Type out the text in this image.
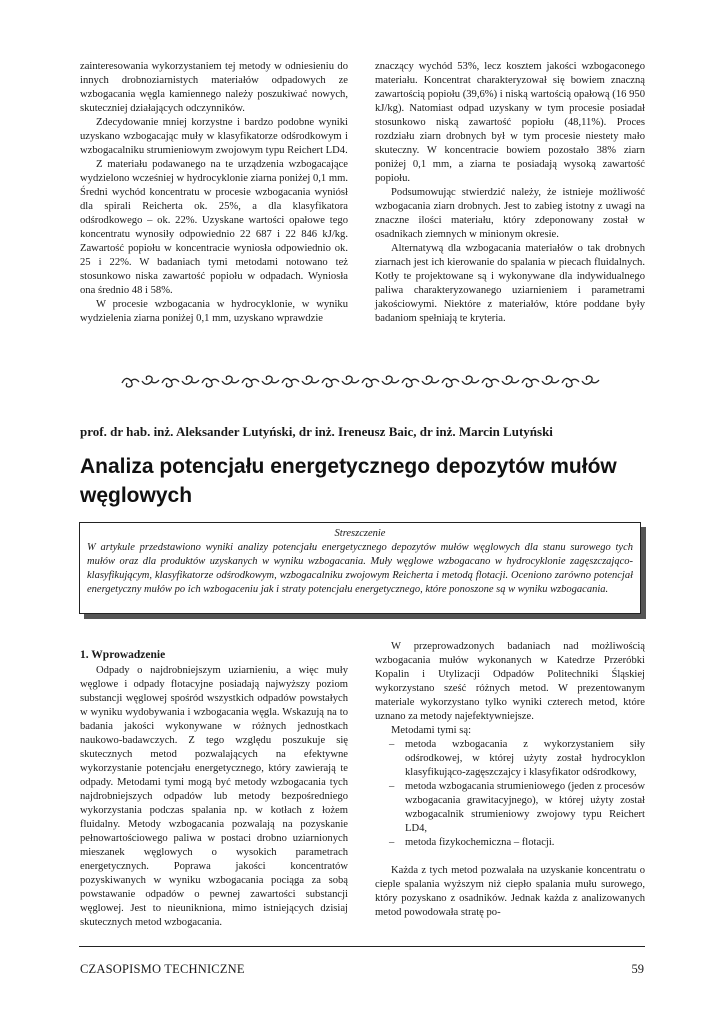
zainteresowania wykorzystaniem tej metody w odniesieniu do innych drobnoziarnistych materiałów odpadowych ze wzbogacania węgla kamiennego należy poszukiwać nowych, skuteczniej działających odczynników.

Zdecydowanie mniej korzystne i bardzo podobne wyniki uzyskano wzbogacając muły w klasyfikatorze odśrodkowym i wzbogacalniku strumieniowym zwojowym typu Reichert LD4.

Z materiału podawanego na te urządzenia wzbogacające wydzielono wcześniej w hydrocyklonie ziarna poniżej 0,1 mm. Średni wychód koncentratu w procesie wzbogacania wyniósł dla spirali Reicherta ok. 25%, a dla klasyfikatora odśrodkowego – ok. 22%. Uzyskane wartości opałowe tego koncentratu wynosiły odpowiednio 22 687 i 22 846 kJ/kg. Zawartość popiołu w koncentracie wyniosła odpowiednio ok. 25 i 22%. W badaniach tymi metodami notowano też stosunkowo niska zawartość popiołu w odpadach. Wyniosła ona średnio 48 i 58%.

W procesie wzbogacania w hydrocyklonie, w wyniku wydzielenia ziarna poniżej 0,1 mm, uzyskano wprawdzie

znaczący wychód 53%, lecz kosztem jakości wzbogaconego materiału. Koncentrat charakteryzował się bowiem znaczną zawartością popiołu (39,6%) i niską wartością opałową (16 950 kJ/kg). Natomiast odpad uzyskany w tym procesie posiadał stosunkowo niską zawartość popiołu (48,11%). Proces rozdziału ziarn drobnych był w tym procesie niestety mało skuteczny. W koncentracie bowiem pozostało 38% ziarn poniżej 0,1 mm, a ziarna te posiadają wysoką zawartość popiołu.

Podsumowując stwierdzić należy, że istnieje możliwość wzbogacania ziarn drobnych. Jest to zabieg istotny z uwagi na znaczne ilości materiału, który zdeponowany został w osadnikach ziemnych w minionym okresie.

Alternatywą dla wzbogacania materiałów o tak drobnych ziarnach jest ich kierowanie do spalania w piecach fluidalnych. Kotły te projektowane są i wykonywane dla indywidualnego paliwa charakteryzowanego uziarnieniem i parametrami jakościowymi. Niektóre z materiałów, które poddane były badaniom spełniają te kryteria.

prof. dr hab. inż. Aleksander Lutyński, dr inż. Ireneusz Baic, dr inż. Marcin Lutyński
Analiza potencjału energetycznego depozytów mułów węglowych
Streszczenie
W artykule przedstawiono wyniki analizy potencjału energetycznego depozytów mułów węglowych dla stanu surowego tych mułów oraz dla produktów uzyskanych w wyniku wzbogacania. Muły węglowe wzbogacano w hydrocyklonie zagęszczająco-klasyfikującym, klasyfikatorze odśrodkowym, wzbogacalniku zwojowym Reicherta i metodą flotacji. Oceniono zarówno potencjał energetyczny mułów po ich wzbogaceniu jak i straty potencjału energetycznego, które ponoszone są w wyniku wzbogacania.

1. Wprowadzenie

Odpady o najdrobniejszym uziarnieniu, a więc muły węglowe i odpady flotacyjne posiadają najwyższy poziom substancji węglowej spośród wszystkich odpadów powstałych w wyniku wydobywania i wzbogacania węgla. Wskazują na to badania jakości wykonywane w różnych jednostkach naukowo-badawczych. Z tego względu poszukuje się skutecznych metod pozwalających na efektywne wykorzystanie potencjału energetycznego, który zawierają te odpady. Metodami tymi mogą być metody wzbogacania tych najdrobniejszych odpadów lub metody bezpośredniego wykorzystania podczas spalania np. w kotłach z łożem fluidalny. Metody wzbogacania pozwalają na pozyskanie pełnowartościowego paliwa w postaci drobno uziarnionych mieszanek węglowych o wysokich parametrach energetycznych. Poprawa jakości koncentratów pozyskiwanych w wyniku wzbogacania pociąga za sobą powstawanie odpadów o pewnej zawartości substancji węglowej. Jest to nieunikniona, mimo istniejących dzisiaj skutecznych metod wzbogacania.

W przeprowadzonych badaniach nad możliwością wzbogacania mułów wykonanych w Katedrze Przeróbki Kopalin i Utylizacji Odpadów Politechniki Śląskiej wykorzystano sześć różnych metod. W prezentowanym materiale wykorzystano tylko wyniki czterech metod, które uznano za metody najefektywniejsze.

Metodami tymi są:

– metoda wzbogacania z wykorzystaniem siły odśrodkowej, w której użyty został hydrocyklon klasyfikująco-zagęszczajcy i klasyfikator odśrodkowy,
– metoda wzbogacania strumieniowego (jeden z procesów wzbogacania grawitacyjnego), w której użyty został wzbogacalnik strumieniowy zwojowy typu Reichert LD4,
– metoda fizykochemiczna – flotacji.

Każda z tych metod pozwalała na uzyskanie koncentratu o cieple spalania wyższym niż ciepło spalania mułu surowego, który pozyskano z osadników. Jednak każda z analizowanych metod powodowała stratę po-

CZASOPISMO TECHNICZNE	59
